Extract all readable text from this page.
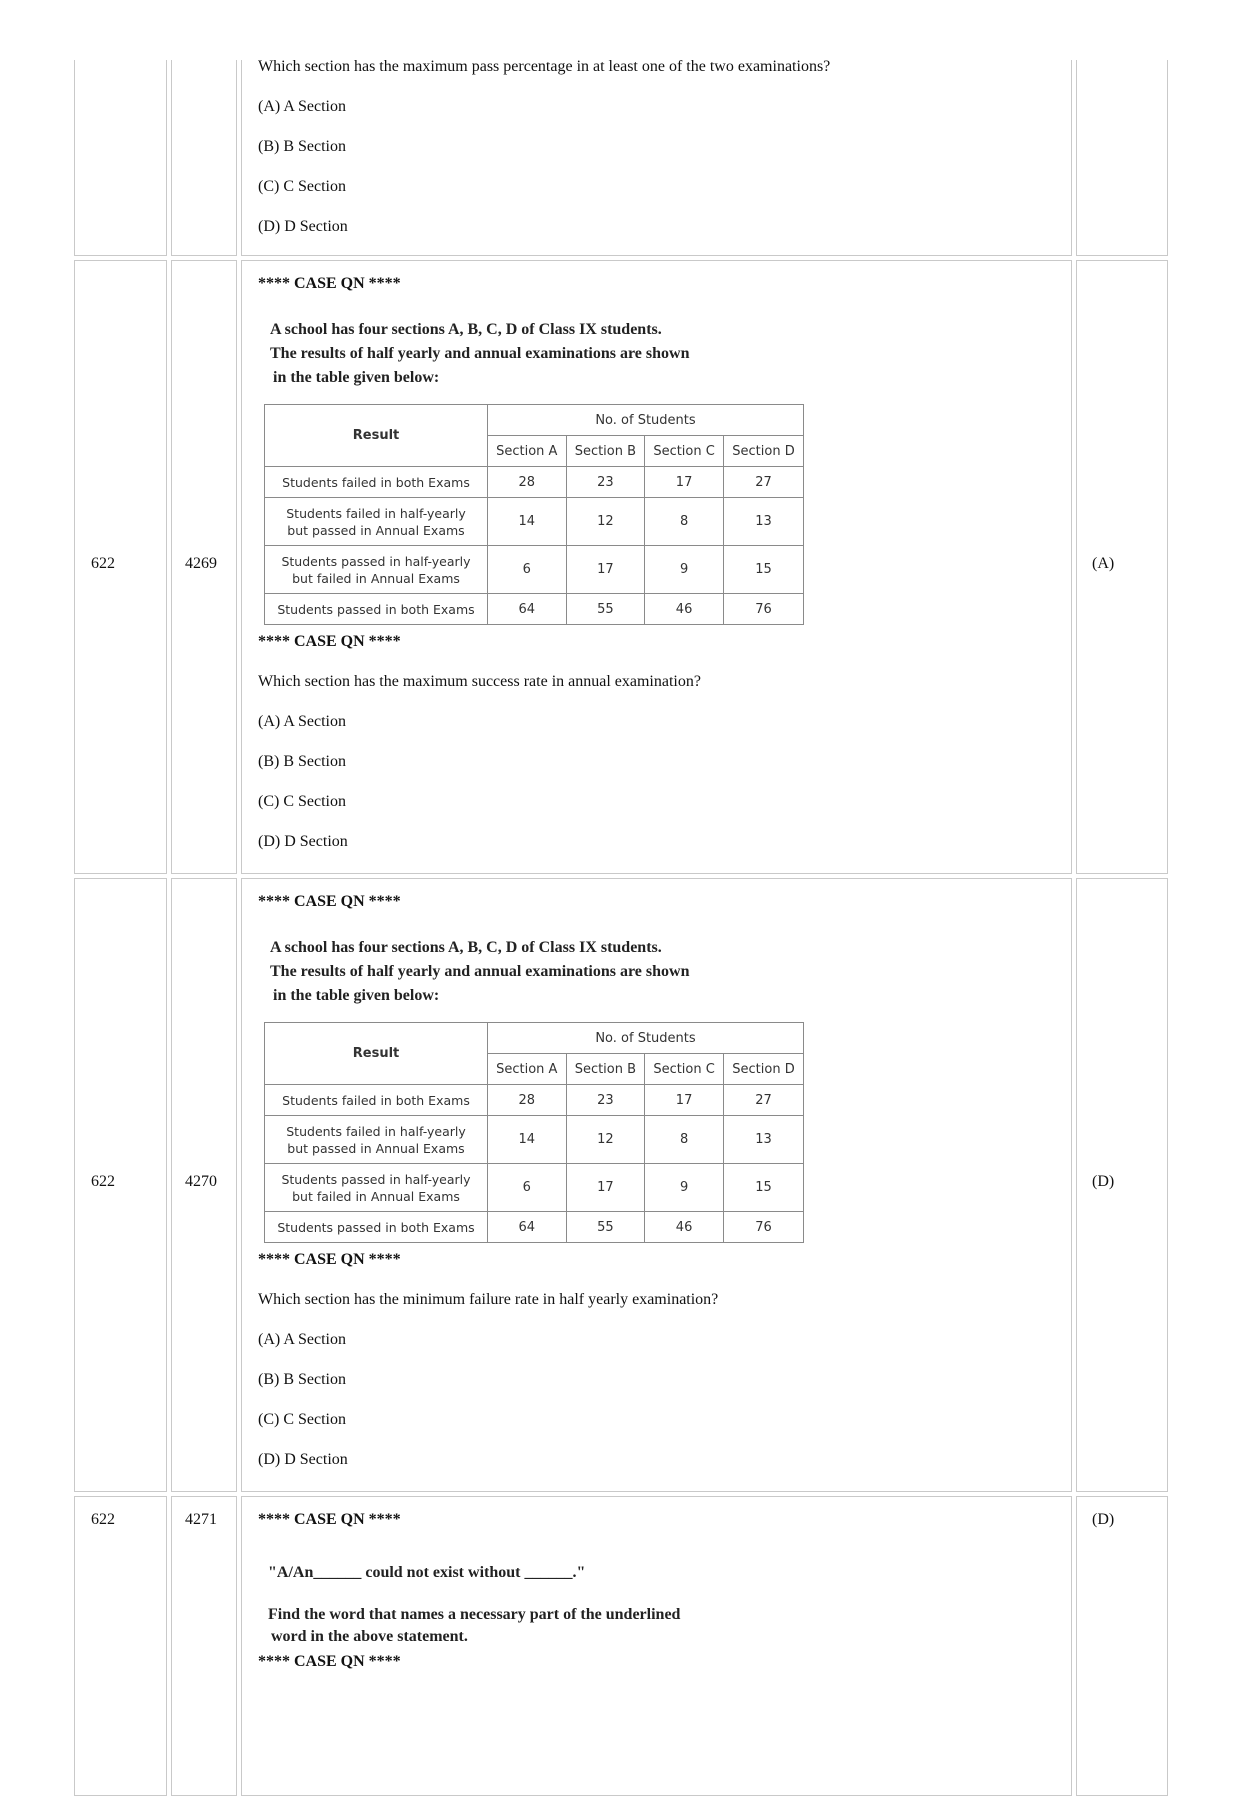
Which section has the maximum pass percentage in at least one of the two examinations?
(A) A Section
(B) B Section
(C) C Section
(D) D Section
622	4269	(A)
**** CASE QN ****
A school has four sections A, B, C, D of Class IX students.
The results of half yearly and annual examinations are shown
in the table given below:
Result	No. of Students			
	Section A	Section B	Section C	Section D
Students failed in both Exams	28	23	17	27

Students failed in half-yearly
but passed in Annual Exams	14	12	8	13

Students passed in half-yearly
but failed in Annual Exams	6	17	9	15
Students passed in both Exams	64	55	46	76
**** CASE QN ****
Which section has the maximum success rate in annual examination?
(A) A Section
(B) B Section
(C) C Section
(D) D Section
622	4270	(D)
**** CASE QN ****
A school has four sections A, B, C, D of Class IX students.
The results of half yearly and annual examinations are shown
in the table given below:
Result	No. of Students			
	Section A	Section B	Section C	Section D
Students failed in both Exams	28	23	17	27

Students failed in half-yearly
but passed in Annual Exams	14	12	8	13

Students passed in half-yearly
but failed in Annual Exams	6	17	9	15
Students passed in both Exams	64	55	46	76
**** CASE QN ****
Which section has the minimum failure rate in half yearly examination?
(A) A Section
(B) B Section
(C) C Section
(D) D Section
622	4271	(D)
**** CASE QN ****
"A/An______ could not exist without ______."
Find the word that names a necessary part of the underlined
word in the above statement.
**** CASE QN ****
